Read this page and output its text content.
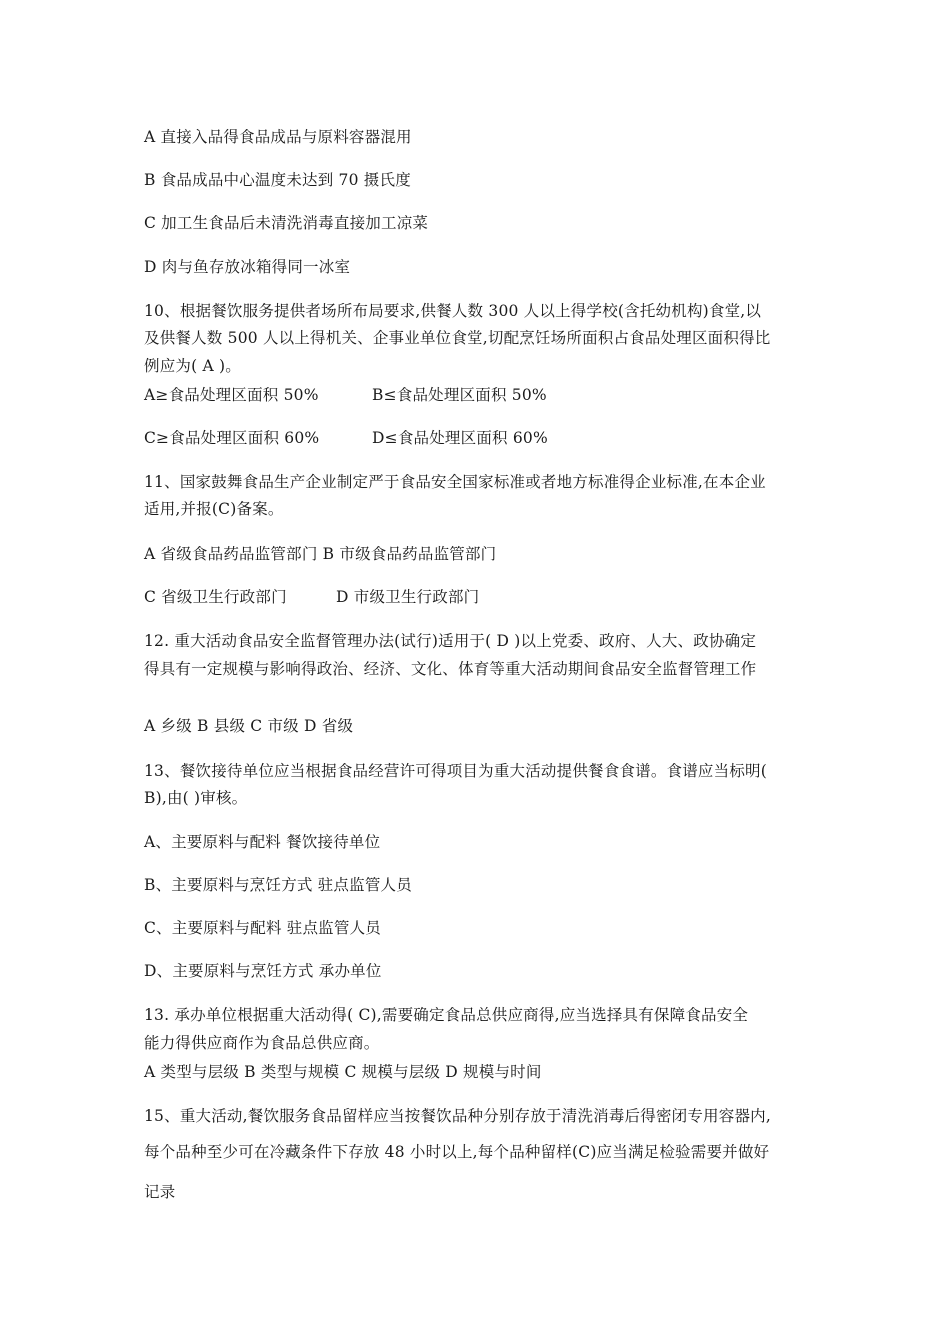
A 直接入品得食品成品与原料容器混用
B 食品成品中心温度未达到 70 摄氏度
C 加工生食品后未清洗消毒直接加工凉菜
D 肉与鱼存放冰箱得同一冰室
10、根据餐饮服务提供者场所布局要求,供餐人数 300 人以上得学校(含托幼机构)食堂,以
及供餐人数 500 人以上得机关、企事业单位食堂,切配烹饪场所面积占食品处理区面积得比
例应为( A )。
A≥食品处理区面积 50%	B≤食品处理区面积 50%
C≥食品处理区面积 60%	D≤食品处理区面积 60%
11、国家鼓舞食品生产企业制定严于食品安全国家标准或者地方标准得企业标准,在本企业
适用,并报(C)备案。
A 省级食品药品监管部门 B 市级食品药品监管部门
C 省级卫生行政部门	D 市级卫生行政部门
12. 重大活动食品安全监督管理办法(试行)适用于( D )以上党委、政府、人大、政协确定
得具有一定规模与影响得政治、经济、文化、体育等重大活动期间食品安全监督管理工作
A 乡级 B 县级 C 市级 D 省级
13、餐饮接待单位应当根据食品经营许可得项目为重大活动提供餐食食谱。食谱应当标明(
B),由( )审核。
A、主要原料与配料 餐饮接待单位
B、主要原料与烹饪方式 驻点监管人员
C、主要原料与配料 驻点监管人员
D、主要原料与烹饪方式 承办单位
13. 承办单位根据重大活动得( C),需要确定食品总供应商得,应当选择具有保障食品安全
能力得供应商作为食品总供应商。
A 类型与层级 B 类型与规模 C 规模与层级 D 规模与时间
15、重大活动,餐饮服务食品留样应当按餐饮品种分别存放于清洗消毒后得密闭专用容器内,
每个品种至少可在冷藏条件下存放 48 小时以上,每个品种留样(C)应当满足检验需要并做好
记录
